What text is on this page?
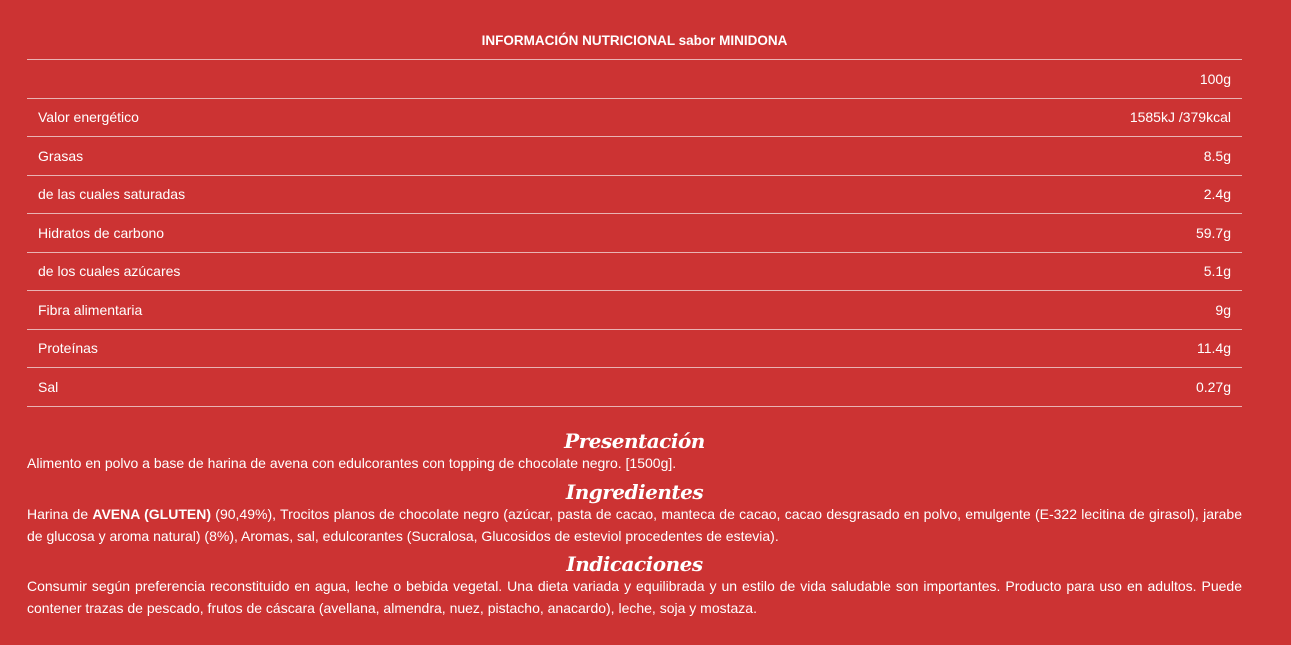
INFORMACIÓN NUTRICIONAL sabor MINIDONA
	100g
Valor energético	1585kJ /379kcal
Grasas	8.5g
de las cuales saturadas	2.4g
Hidratos de carbono	59.7g
de los cuales azúcares	5.1g
Fibra alimentaria	9g
Proteínas	11.4g
Sal	0.27g
Presentación

Alimento en polvo a base de harina de avena con edulcorantes con topping de chocolate negro. [1500g].

Ingredientes

Harina de AVENA (GLUTEN) (90,49%), Trocitos planos de chocolate negro (azúcar, pasta de cacao, manteca de cacao, cacao desgrasado en polvo, emulgente (E-322 lecitina de girasol), jarabe de glucosa y aroma natural) (8%), Aromas, sal, edulcorantes (Sucralosa, Glucosidos de esteviol procedentes de estevia).

Indicaciones

Consumir según preferencia reconstituido en agua, leche o bebida vegetal. Una dieta variada y equilibrada y un estilo de vida saludable son importantes. Producto para uso en adultos. Puede contener trazas de pescado, frutos de cáscara (avellana, almendra, nuez, pistacho, anacardo), leche, soja y mostaza.
